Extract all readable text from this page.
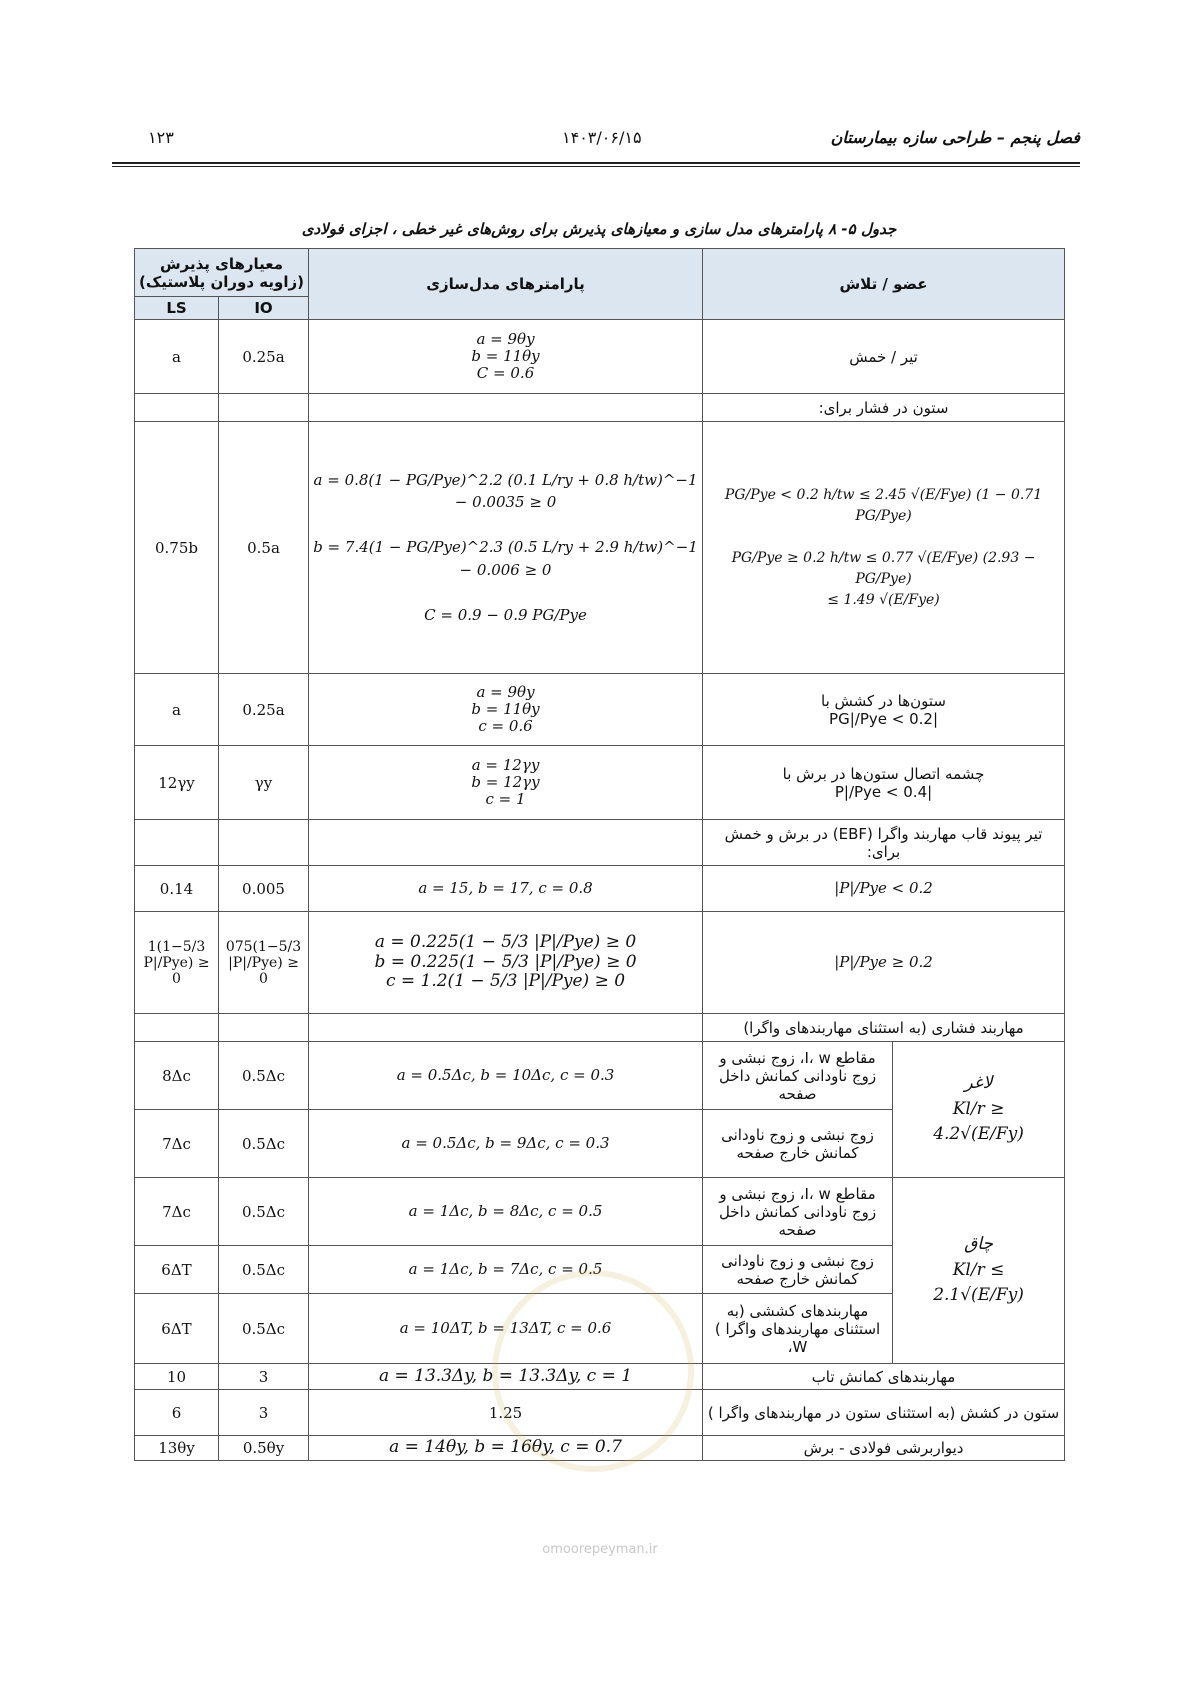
فصل پنجم – طراحی سازه بیمارستان
۱۴۰۳/۰۶/۱۵
۱۲۳
جدول ۵- ۸ پارامترهای مدل سازی و معیازهای پذیرش برای روش‌های غیر خطی ، اجزای فولادی
معیارهای پذیرش (زاویه دوران پلاستیک)		پارامترهای مدل‌سازی	عضو / تلاش	
LS	IO			
a	0.25a	a = 9θy
b = 11θy
C = 0.6	تیر / خمش	
			ستون در فشار برای:	
0.75b	0.5a	a = 0.8(1 − PG/Pye)^2.2 (0.1 L/ry + 0.8 h/tw)^−1 − 0.0035 ≥ 0

b = 7.4(1 − PG/Pye)^2.3 (0.5 L/ry + 2.9 h/tw)^−1 − 0.006 ≥ 0

C = 0.9 − 0.9 PG/Pye	PG/Pye < 0.2 h/tw ≤ 2.45 √(E/Fye) (1 − 0.71 PG/Pye)

PG/Pye ≥ 0.2 h/tw ≤ 0.77 √(E/Fye) (2.93 − PG/Pye)
≤ 1.49 √(E/Fye)	
a	0.25a	a = 9θy
b = 11θy
c = 0.6	ستون‌ها در کشش با
|PG|/Pye < 0.2	
12γy	γy	a = 12γy
b = 12γy
c = 1	چشمه اتصال ستون‌ها در برش با
|P|/Pye < 0.4	
			تیر پیوند قاب مهاربند واگرا (EBF) در برش و خمش برای:	
0.14	0.005	a = 15, b = 17, c = 0.8	|P|/Pye < 0.2	
1(1−5/3
P|/Pye) ≥ 0	075(1−5/3
|P|/Pye) ≥ 0	a = 0.225(1 − 5/3 |P|/Pye) ≥ 0
b = 0.225(1 − 5/3 |P|/Pye) ≥ 0
c = 1.2(1 − 5/3 |P|/Pye) ≥ 0	|P|/Pye ≥ 0.2	
			مهاربند فشاری (به استثنای مهاربندهای واگرا)	
8Δc	0.5Δc	a = 0.5Δc, b = 10Δc, c = 0.3	مقاطع I، w، زوج نبشی و زوج ناودانی کمانش داخل صفحه	لاغر
Kl/r ≥
4.2√(E/Fy)
7Δc	0.5Δc	a = 0.5Δc, b = 9Δc, c = 0.3	زوج نبشی و زوج ناودانی کمانش خارج صفحه	
7Δc	0.5Δc	a = 1Δc, b = 8Δc, c = 0.5	مقاطع I، w، زوج نبشی و زوج ناودانی کمانش داخل صفحه	چاق
Kl/r ≤
2.1√(E/Fy)
6ΔT	0.5Δc	a = 1Δc, b = 7Δc, c = 0.5	زوج نبشی و زوج ناودانی کمانش خارج صفحه	
6ΔT	0.5Δc	a = 10ΔT, b = 13ΔT, c = 0.6	مهاربندهای کششی (به استثنای مهاربندهای واگرا ) W،	
10	3	a = 13.3Δy, b = 13.3Δy, c = 1	مهاربندهای کمانش تاب	
6	3	1.25	ستون در کشش (به استثنای ستون در مهاربندهای واگرا )	
13θy	0.5θy	a = 14θy, b = 16θy, c = 0.7	دیواربرشی فولادی - برش	
omoorepeyman.ir
